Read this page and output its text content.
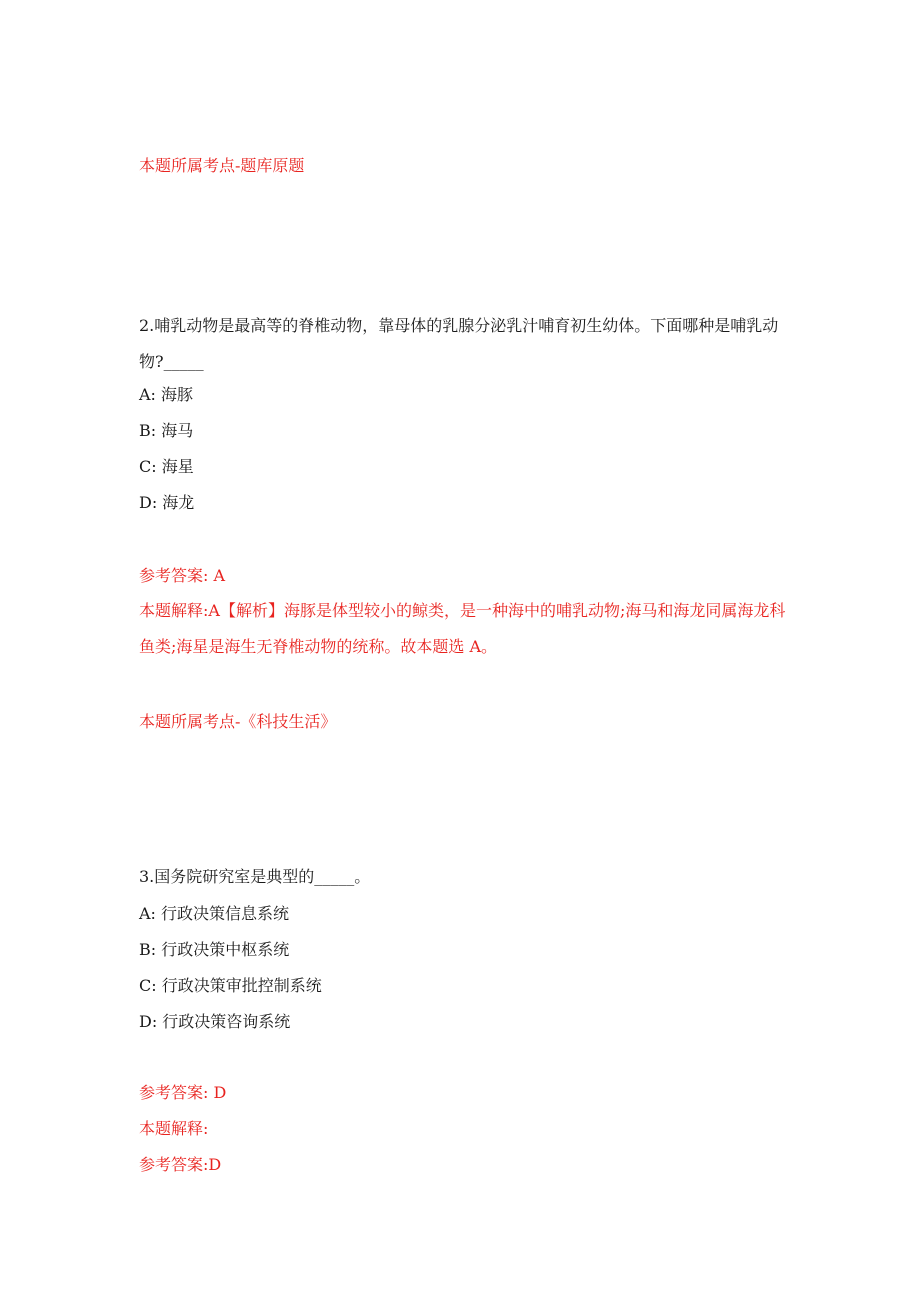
本题所属考点-题库原题
2.哺乳动物是最高等的脊椎动物，靠母体的乳腺分泌乳汁哺育初生幼体。下面哪种是哺乳动物?_____
A: 海豚
B: 海马
C: 海星
D: 海龙
参考答案: A
本题解释:A【解析】海豚是体型较小的鲸类，是一种海中的哺乳动物;海马和海龙同属海龙科鱼类;海星是海生无脊椎动物的统称。故本题选 A。
本题所属考点-《科技生活》
3.国务院研究室是典型的_____。
A: 行政决策信息系统
B: 行政决策中枢系统
C: 行政决策审批控制系统
D: 行政决策咨询系统
参考答案: D
本题解释:
参考答案:D
